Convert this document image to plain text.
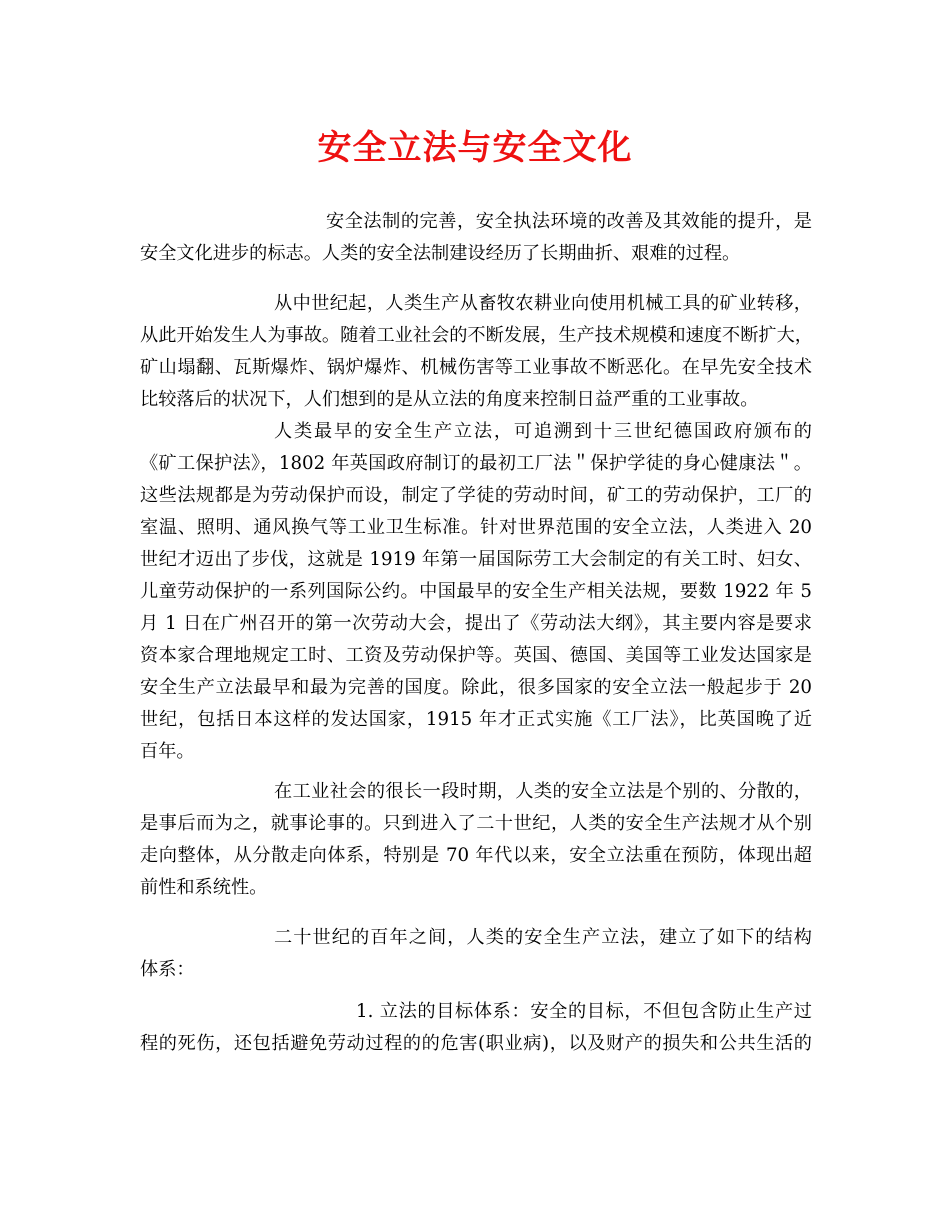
安全立法与安全文化
安全法制的完善，安全执法环境的改善及其效能的提升，是
安全文化进步的标志。人类的安全法制建设经历了长期曲折、艰难的过程。
从中世纪起，人类生产从畜牧农耕业向使用机械工具的矿业转移，
从此开始发生人为事故。随着工业社会的不断发展，生产技术规模和速度不断扩大，
矿山塌翻、瓦斯爆炸、锅炉爆炸、机械伤害等工业事故不断恶化。在早先安全技术
比较落后的状况下，人们想到的是从立法的角度来控制日益严重的工业事故。
人类最早的安全生产立法，可追溯到十三世纪德国政府颁布的
《矿工保护法》，1802 年英国政府制订的最初工厂法＂保护学徒的身心健康法＂。
这些法规都是为劳动保护而设，制定了学徒的劳动时间，矿工的劳动保护，工厂的
室温、照明、通风换气等工业卫生标准。针对世界范围的安全立法，人类进入 20
世纪才迈出了步伐，这就是 1919 年第一届国际劳工大会制定的有关工时、妇女、
儿童劳动保护的一系列国际公约。中国最早的安全生产相关法规，要数 1922 年 5
月 1 日在广州召开的第一次劳动大会，提出了《劳动法大纲》，其主要内容是要求
资本家合理地规定工时、工资及劳动保护等。英国、德国、美国等工业发达国家是
安全生产立法最早和最为完善的国度。除此，很多国家的安全立法一般起步于 20
世纪，包括日本这样的发达国家，1915 年才正式实施《工厂法》，比英国晚了近
百年。
在工业社会的很长一段时期，人类的安全立法是个别的、分散的，
是事后而为之，就事论事的。只到进入了二十世纪，人类的安全生产法规才从个别
走向整体，从分散走向体系，特别是 70 年代以来，安全立法重在预防，体现出超
前性和系统性。
二十世纪的百年之间，人类的安全生产立法，建立了如下的结构
体系：
1. 立法的目标体系：安全的目标，不但包含防止生产过
程的死伤，还包括避免劳动过程的的危害(职业病)，以及财产的损失和公共生活的
